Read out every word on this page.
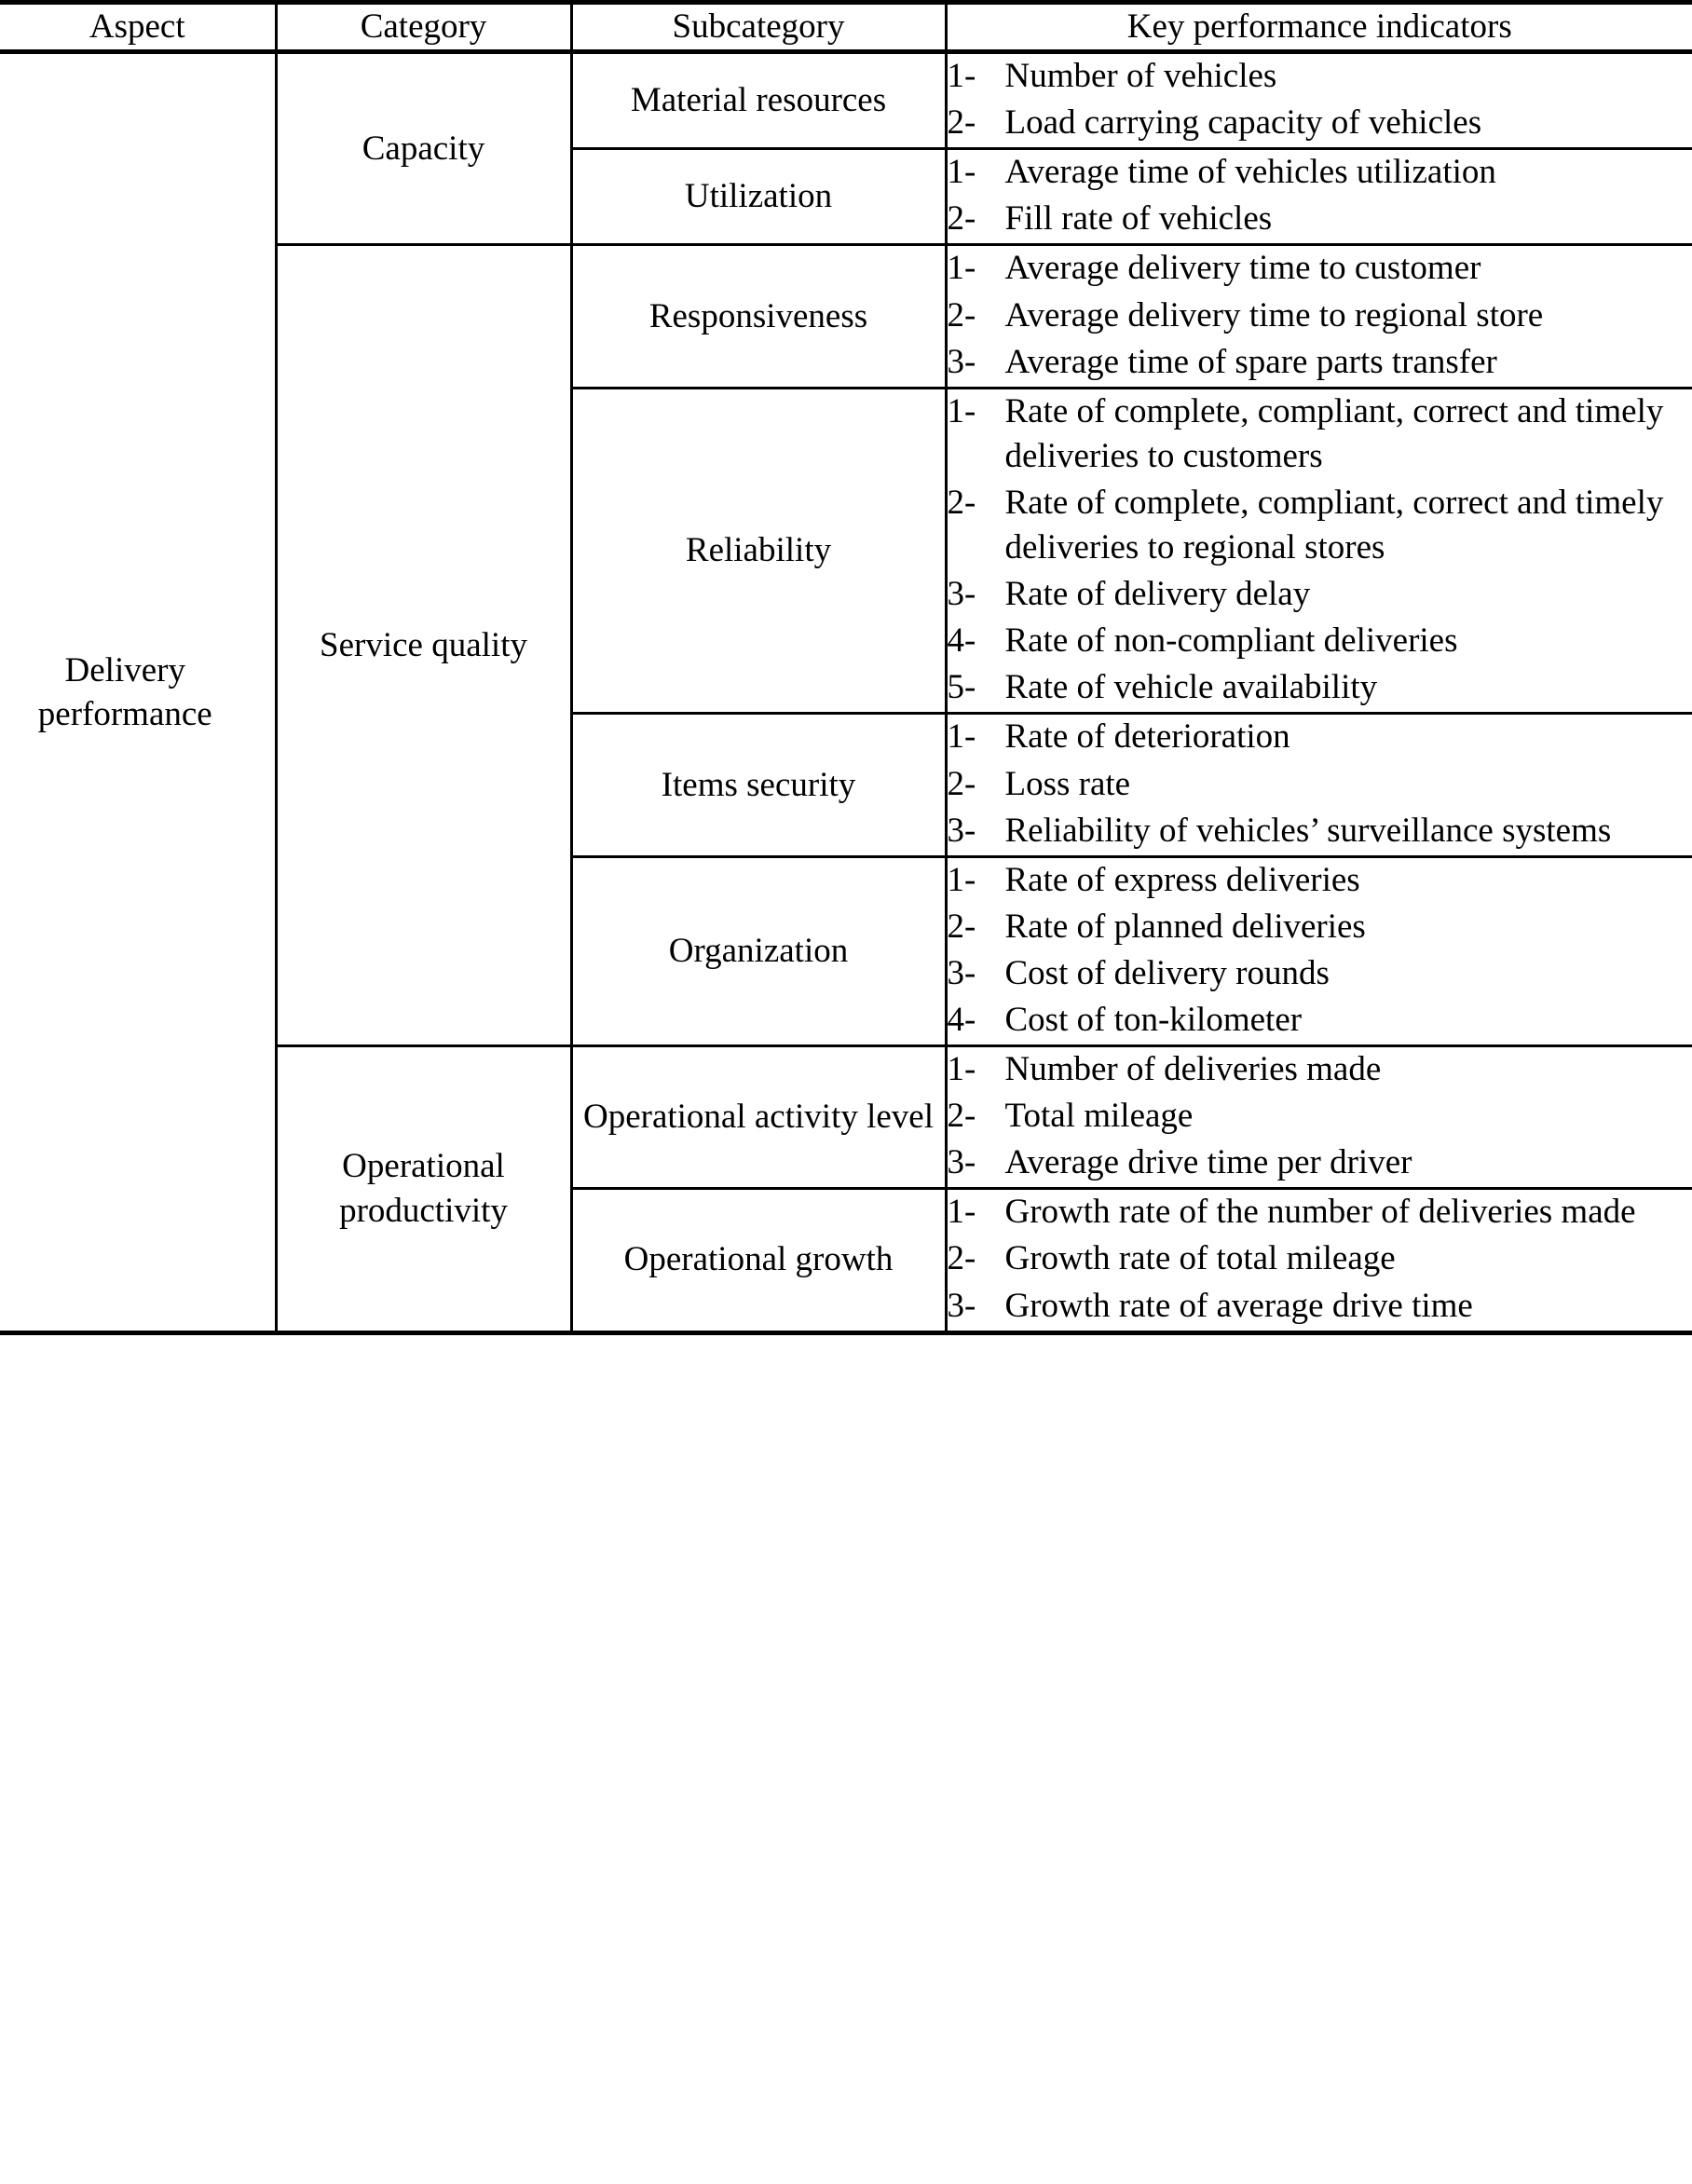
Aspect	Category	Subcategory	Key performance indicators

Delivery performance
	Capacity	Material resources	
1- Number of vehicles
2- Load carrying capacity of vehicles

Utilization	
1- Average time of vehicles utilization
2- Fill rate of vehicles

Service quality	Responsiveness	
1- Average delivery time to customer
2- Average delivery time to regional store
3- Average time of spare parts transfer

Reliability	
1- Rate of complete, compliant, correct and timely deliveries to customers
2- Rate of complete, compliant, correct and timely deliveries to regional stores
3- Rate of delivery delay
4- Rate of non-compliant deliveries
5- Rate of vehicle availability

Items security	
1- Rate of deterioration
2- Loss rate
3- Reliability of vehicles’ surveillance systems

Organization	
1- Rate of express deliveries
2- Rate of planned deliveries
3- Cost of delivery rounds
4- Cost of ton-kilometer

Operational productivity	Operational activity level	
1- Number of deliveries made
2- Total mileage
3- Average drive time per driver

Operational growth	
1- Growth rate of the number of deliveries made
2- Growth rate of total mileage
3- Growth rate of average drive time
